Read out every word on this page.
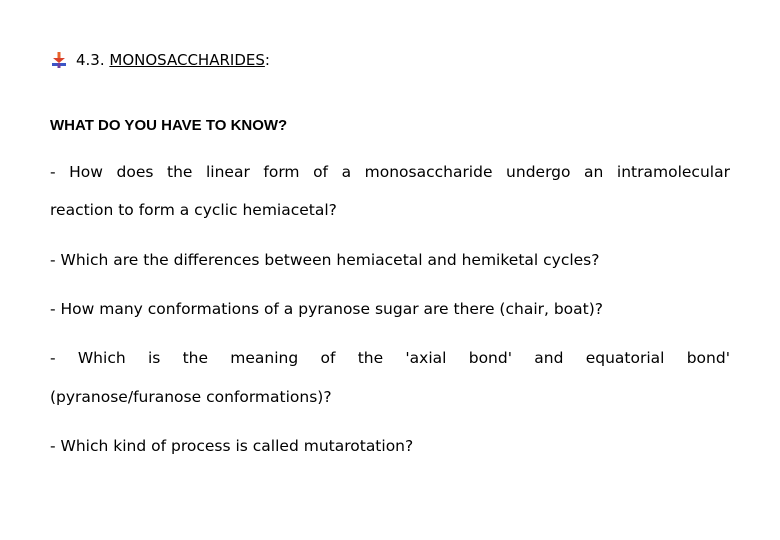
4.3. MONOSACCHARIDES:
WHAT DO YOU HAVE TO KNOW?
- How does the linear form of a monosaccharide undergo an intramolecular
reaction to form a cyclic hemiacetal?
- Which are the differences between hemiacetal and hemiketal cycles?
- How many conformations of a pyranose sugar are there (chair, boat)?
- Which is the meaning of the 'axial bond' and equatorial bond'
(pyranose/furanose conformations)?
- Which kind of process is called mutarotation?
